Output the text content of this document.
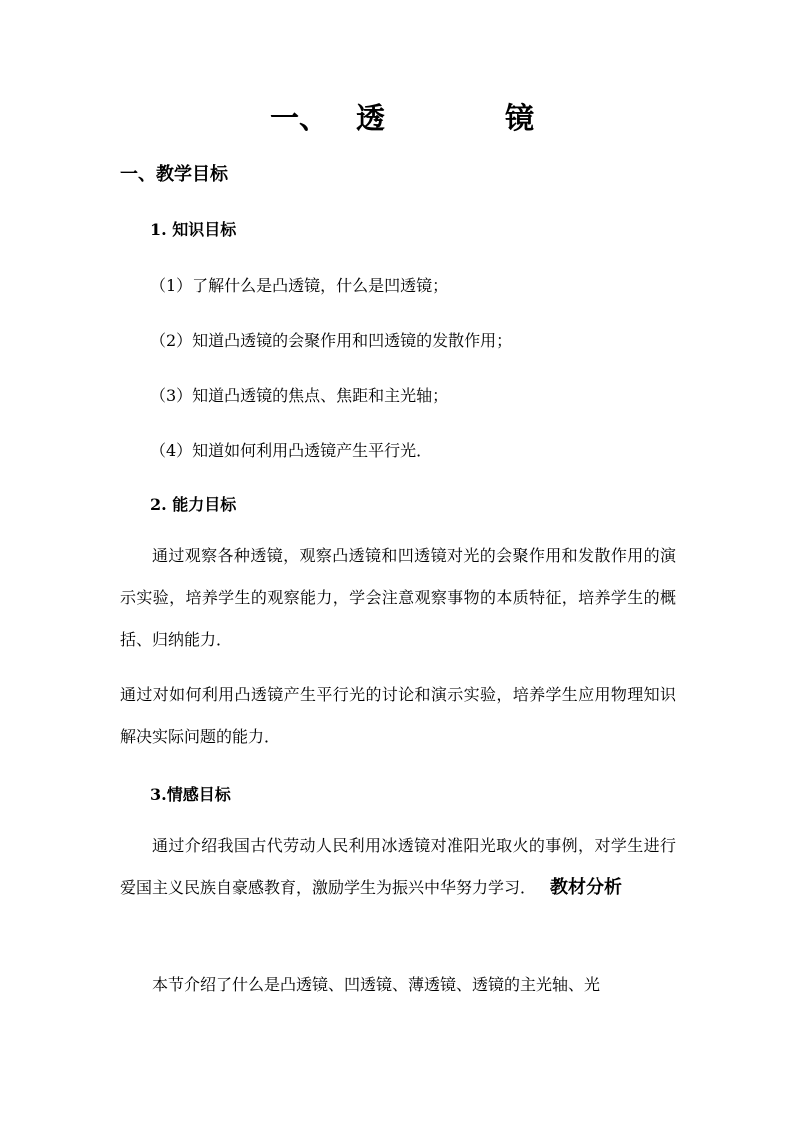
一、 透	镜
一、教学目标
1. 知识目标
（1）了解什么是凸透镜，什么是凹透镜；
（2）知道凸透镜的会聚作用和凹透镜的发散作用；
（3）知道凸透镜的焦点、焦距和主光轴；
（4）知道如何利用凸透镜产生平行光．
2. 能力目标
通过观察各种透镜，观察凸透镜和凹透镜对光的会聚作用和发散作用的演示实验，培养学生的观察能力，学会注意观察事物的本质特征，培养学生的概括、归纳能力．
通过对如何利用凸透镜产生平行光的讨论和演示实验，培养学生应用物理知识解决实际问题的能力．
3.情感目标
通过介绍我国古代劳动人民利用冰透镜对准阳光取火的事例，对学生进行爱国主义民族自豪感教育，激励学生为振兴中华努力学习． 教材分析
本节介绍了什么是凸透镜、凹透镜、薄透镜、透镜的主光轴、光
